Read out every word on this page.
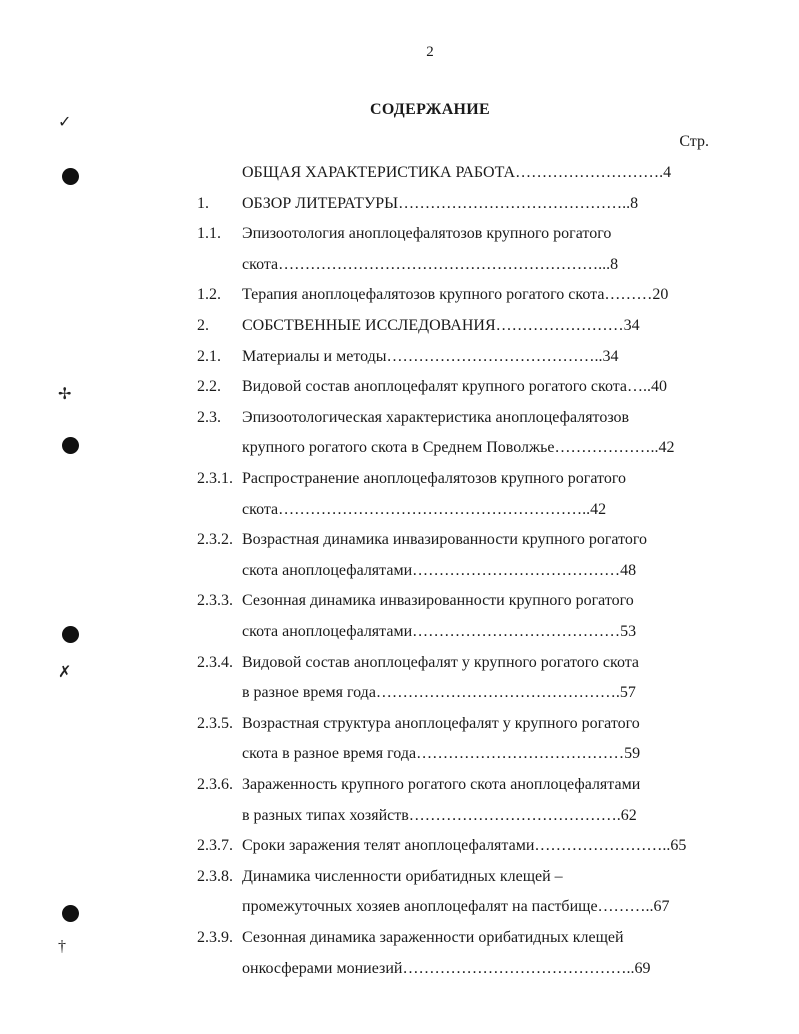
2
СОДЕРЖАНИЕ
Стр.
ОБЩАЯ ХАРАКТЕРИСТИКА РАБОТА……………………….4
1. ОБЗОР ЛИТЕРАТУРЫ……………………………………..8
1.1. Эпизоотология аноплоцефалятозов крупного рогатого
скота……………………………………………………...8
1.2. Терапия аноплоцефалятозов крупного рогатого скота………20
2. СОБСТВЕННЫЕ ИССЛЕДОВАНИЯ……………………34
2.1. Материалы и методы…………………………………..34
2.2. Видовой состав аноплоцефалят крупного рогатого скота…..40
2.3. Эпизоотологическая характеристика аноплоцефалятозов
крупного рогатого скота в Среднем Поволжье………………..42
2.3.1. Распространение аноплоцефалятозов крупного рогатого
скота…………………………………………………..42
2.3.2. Возрастная динамика инвазированности крупного рогатого
скота аноплоцефалятами…………………………………48
2.3.3. Сезонная динамика инвазированности крупного рогатого
скота аноплоцефалятами…………………………………53
2.3.4. Видовой состав аноплоцефалят у крупного рогатого скота
в разное время года……………………………………….57
2.3.5. Возрастная структура аноплоцефалят у крупного рогатого
скота в разное время года…………………………………59
2.3.6. Зараженность крупного рогатого скота аноплоцефалятами
в разных типах хозяйств………………………………….62
2.3.7. Сроки заражения телят аноплоцефалятами……………………..65
2.3.8. Динамика численности орибатидных клещей –
промежуточных хозяев аноплоцефалят на пастбище………..67
2.3.9. Сезонная динамика зараженности орибатидных клещей
онкосферами мониезий……………………………………..69
✓
✢
✗
†
